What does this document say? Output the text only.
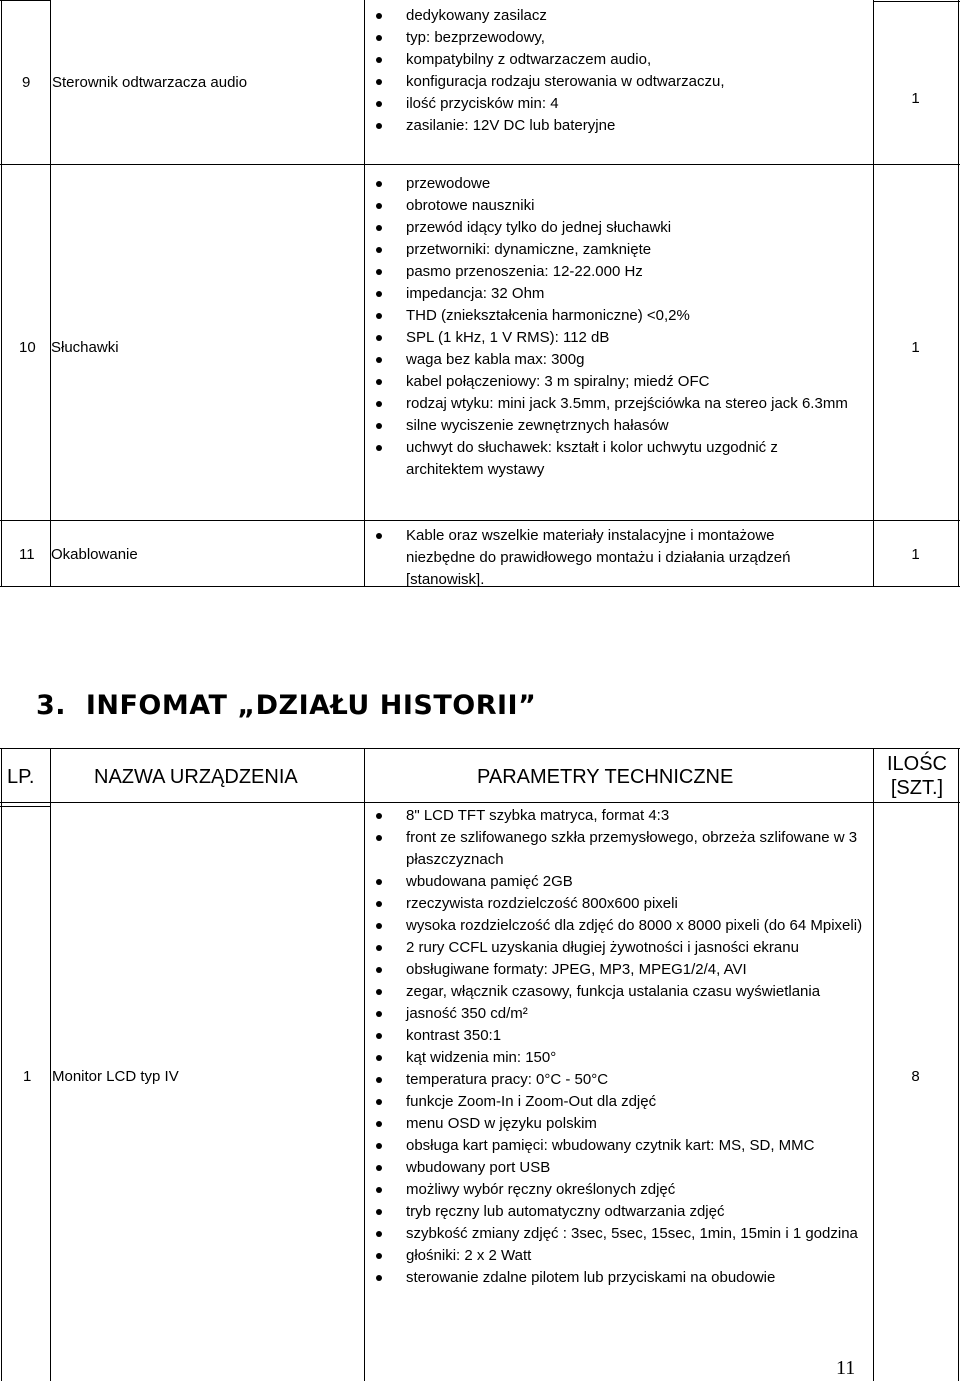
9 Sterownik odtwarzacza audio
dedykowany zasilacz
typ: bezprzewodowy,
kompatybilny z odtwarzaczem audio,
konfiguracja rodzaju sterowania w odtwarzaczu,
ilość przycisków min: 4
zasilanie: 12V DC lub bateryjne
1
10 Słuchawki
przewodowe
obrotowe nauszniki
przewód idący tylko do jednej słuchawki
przetworniki: dynamiczne, zamknięte
pasmo przenoszenia: 12-22.000 Hz
impedancja: 32 Ohm
THD (zniekształcenia harmoniczne) <0,2%
SPL (1 kHz, 1 V RMS): 112 dB
waga bez kabla max: 300g
kabel połączeniowy: 3 m spiralny; miedź OFC
rodzaj wtyku: mini jack 3.5mm, przejściówka na stereo jack 6.3mm
silne wyciszenie zewnętrznych hałasów
uchwyt do słuchawek: kształt i kolor uchwytu uzgodnić z architektem wystawy
1
11 Okablowanie
Kable oraz wszelkie materiały instalacyjne i montażowe niezbędne do prawidłowego montażu i działania urządzeń [stanowisk].
1
3.  INFOMAT „DZIAŁU HISTORII”
LP.	NAZWA URZĄDZENIA	PARAMETRY TECHNICZNE
ILOŚC [SZT.]
1 Monitor LCD typ IV
8" LCD TFT szybka matryca, format 4:3
front ze szlifowanego szkła przemysłowego, obrzeża szlifowane w 3 płaszczyznach
wbudowana pamięć 2GB
rzeczywista rozdzielczość 800x600 pixeli
wysoka rozdzielczość dla zdjęć do 8000 x 8000 pixeli (do 64 Mpixeli)
2 rury CCFL uzyskania długiej żywotności i jasności ekranu
obsługiwane formaty: JPEG, MP3, MPEG1/2/4, AVI
zegar, włącznik czasowy, funkcja ustalania czasu wyświetlania
jasność 350 cd/m²
kontrast 350:1
kąt widzenia min: 150°
temperatura pracy: 0°C - 50°C
funkcje Zoom-In i Zoom-Out dla zdjęć
menu OSD w języku polskim
obsługa kart pamięci: wbudowany czytnik kart: MS, SD, MMC
wbudowany port USB
możliwy wybór ręczny określonych zdjęć
tryb ręczny lub automatyczny odtwarzania zdjęć
szybkość zmiany zdjęć : 3sec, 5sec, 15sec, 1min, 15min i 1 godzina
głośniki: 2 x 2 Watt
sterowanie zdalne pilotem lub przyciskami na obudowie
8
11
